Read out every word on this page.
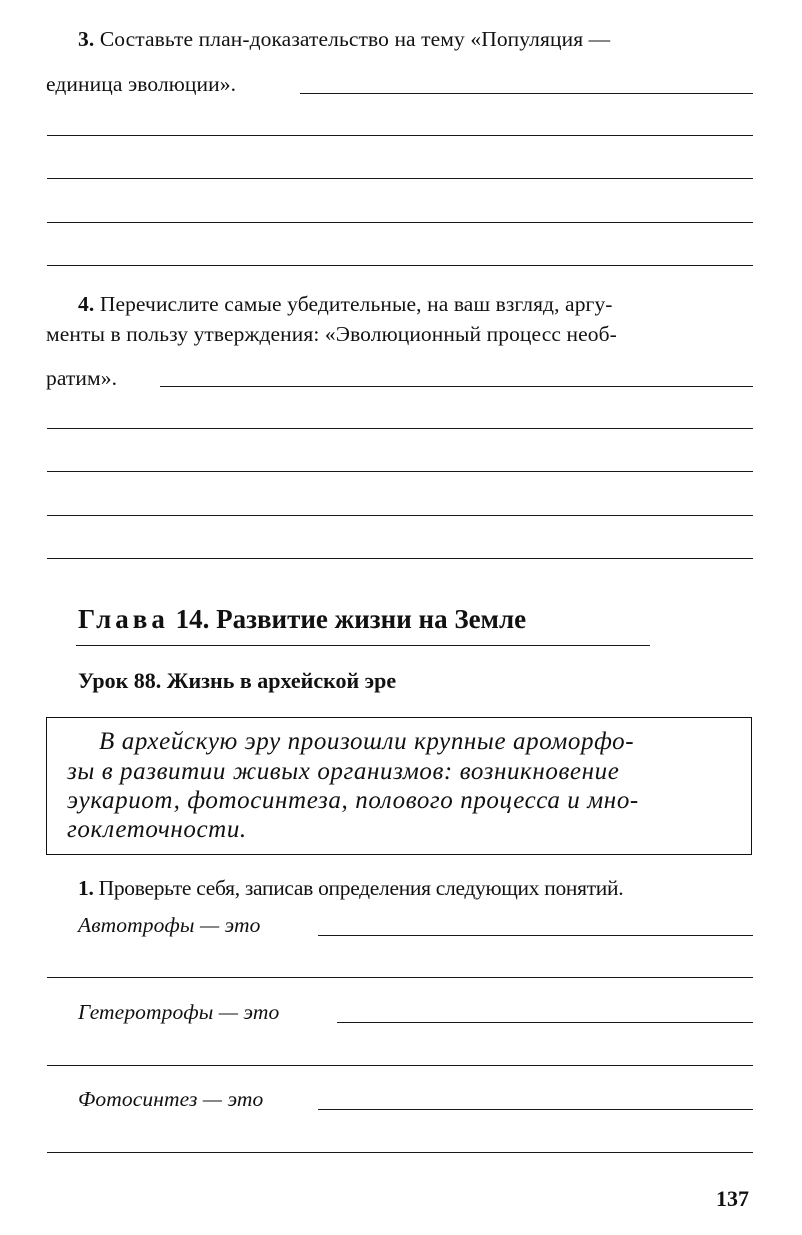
3. Составьте план-доказательство на тему «Популяция —
единица эволюции».
4. Перечислите самые убедительные, на ваш взгляд, аргу-
менты в пользу утверждения: «Эволюционный процесс необ-
ратим».
Глава 14. Развитие жизни на Земле
Урок 88. Жизнь в архейской эре
В архейскую эру произошли крупные ароморфо-
зы в развитии живых организмов: возникновение
эукариот, фотосинтеза, полового процесса и мно-
гоклеточности.
1. Проверьте себя, записав определения следующих понятий.
Автотрофы — это
Гетеротрофы — это
Фотосинтез — это
137
